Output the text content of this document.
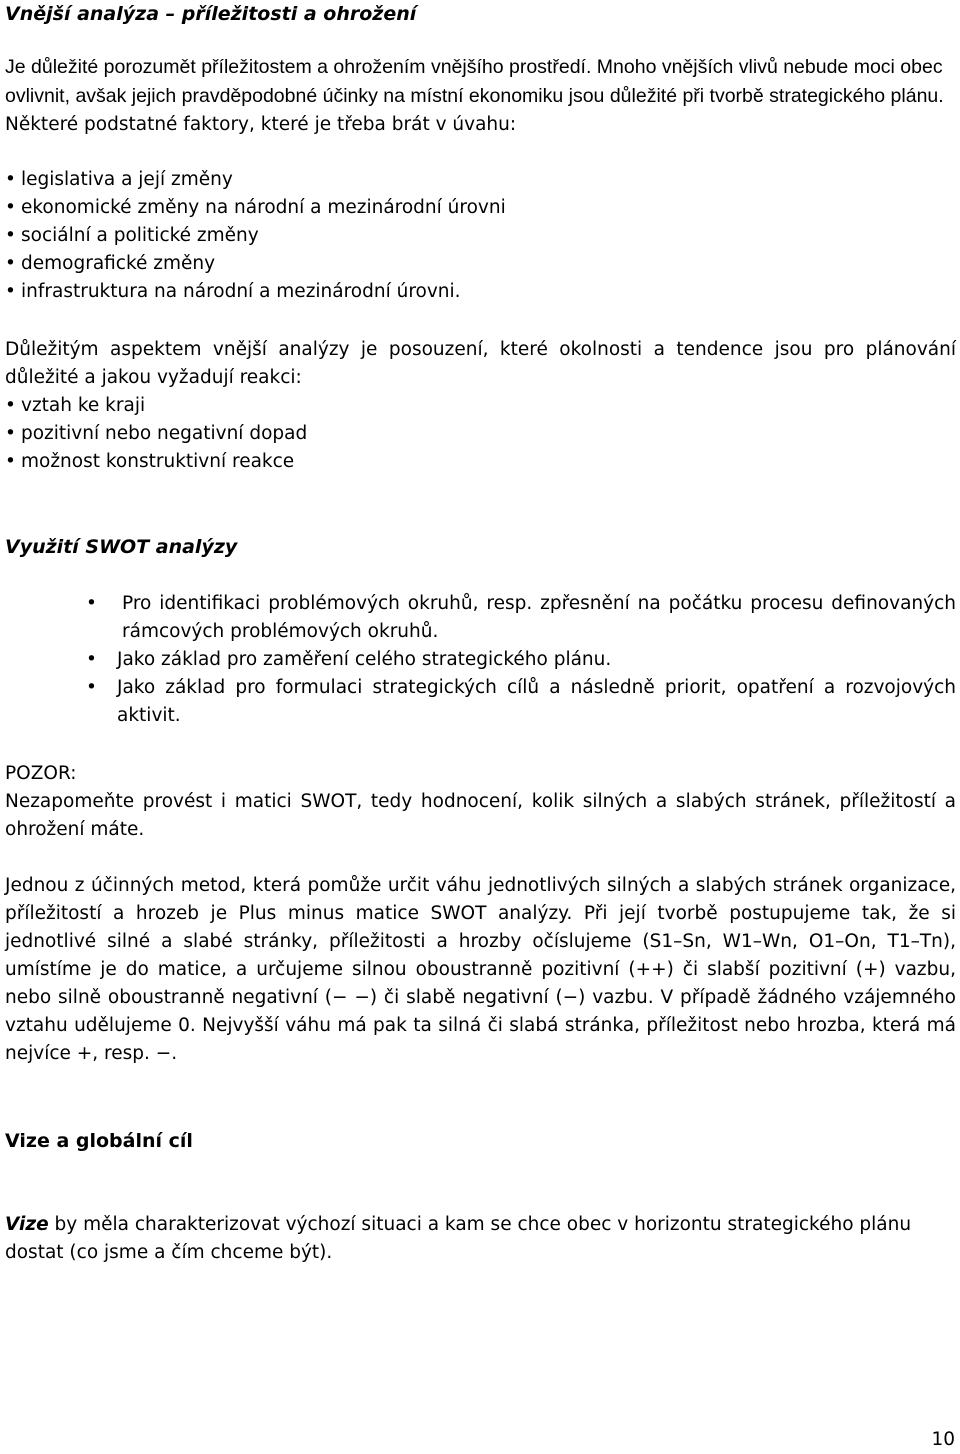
Vnější analýza – příležitosti a ohrožení

Je důležité porozumět příležitostem a ohrožením vnějšího prostředí. Mnoho vnějších vlivů nebude moci obec ovlivnit, avšak jejich pravděpodobné účinky na místní ekonomiku jsou důležité při tvorbě strategického plánu. Některé podstatné faktory, které je třeba brát v úvahu:

• legislativa a její změny
• ekonomické změny na národní a mezinárodní úrovni
• sociální a politické změny
• demografické změny
• infrastruktura na národní a mezinárodní úrovni.

Důležitým aspektem vnější analýzy je posouzení, které okolnosti a tendence jsou pro plánování důležité a jakou vyžadují reakci:

• vztah ke kraji
• pozitivní nebo negativní dopad
• možnost konstruktivní reakce
Využití SWOT analýzy
• Pro identifikaci problémových okruhů, resp. zpřesnění na počátku procesu definovaných rámcových problémových okruhů.
• Jako základ pro zaměření celého strategického plánu.
• Jako základ pro formulaci strategických cílů a následně priorit, opatření a rozvojových aktivit.
POZOR:

Nezapomeňte provést i matici SWOT, tedy hodnocení, kolik silných a slabých stránek, příležitostí a ohrožení máte.

Jednou z účinných metod, která pomůže určit váhu jednotlivých silných a slabých stránek organizace, příležitostí a hrozeb je Plus minus matice SWOT analýzy. Při její tvorbě postupujeme tak, že si jednotlivé silné a slabé stránky, příležitosti a hrozby očíslujeme (S1–Sn, W1–Wn, O1–On, T1–Tn), umístíme je do matice, a určujeme silnou oboustranně pozitivní (++) či slabší pozitivní (+) vazbu, nebo silně oboustranně negativní (− −) či slabě negativní (−) vazbu. V případě žádného vzájemného vztahu udělujeme 0. Nejvyšší váhu má pak ta silná či slabá stránka, příležitost nebo hrozba, která má nejvíce +, resp. −.

Vize a globální cíl

Vize by měla charakterizovat výchozí situaci a kam se chce obec v horizontu strategického plánu dostat (co jsme a čím chceme být).

10
